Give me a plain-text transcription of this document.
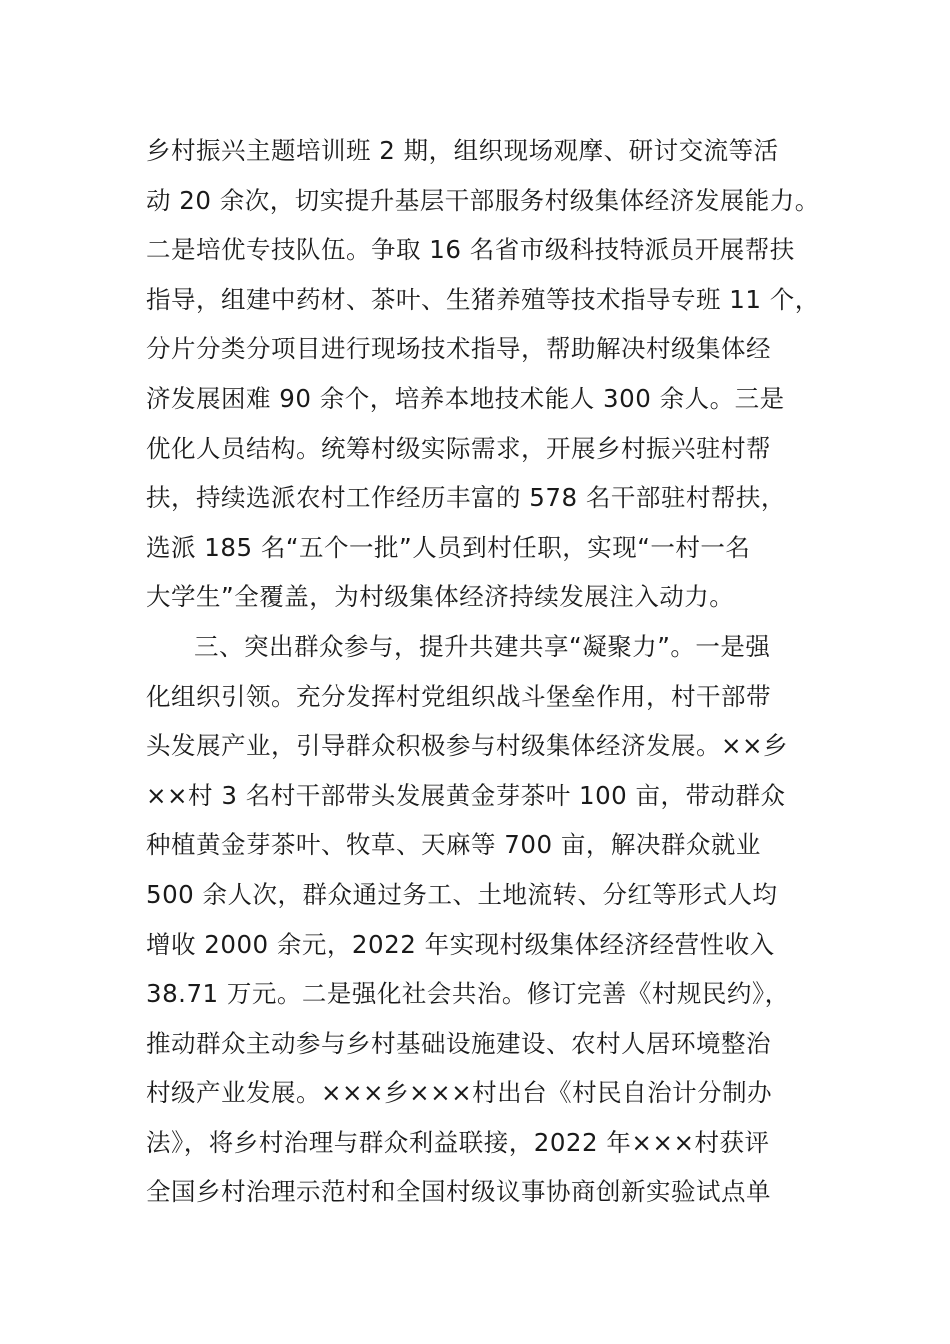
乡村振兴主题培训班 2 期，组织现场观摩、研讨交流等活
动 20 余次，切实提升基层干部服务村级集体经济发展能力。
二是培优专技队伍。争取 16 名省市级科技特派员开展帮扶
指导，组建中药材、茶叶、生猪养殖等技术指导专班 11 个，
分片分类分项目进行现场技术指导，帮助解决村级集体经
济发展困难 90 余个，培养本地技术能人 300 余人。三是
优化人员结构。统筹村级实际需求，开展乡村振兴驻村帮
扶，持续选派农村工作经历丰富的 578 名干部驻村帮扶，
选派 185 名“五个一批”人员到村任职，实现“一村一名
大学生”全覆盖，为村级集体经济持续发展注入动力。
三、突出群众参与，提升共建共享“凝聚力”。一是强
化组织引领。充分发挥村党组织战斗堡垒作用，村干部带
头发展产业，引导群众积极参与村级集体经济发展。××乡
××村 3 名村干部带头发展黄金芽茶叶 100 亩，带动群众
种植黄金芽茶叶、牧草、天麻等 700 亩，解决群众就业
500 余人次，群众通过务工、土地流转、分红等形式人均
增收 2000 余元，2022 年实现村级集体经济经营性收入
38.71 万元。二是强化社会共治。修订完善《村规民约》，
推动群众主动参与乡村基础设施建设、农村人居环境整治
村级产业发展。×××乡×××村出台《村民自治计分制办
法》，将乡村治理与群众利益联接，2022 年×××村获评
全国乡村治理示范村和全国村级议事协商创新实验试点单
